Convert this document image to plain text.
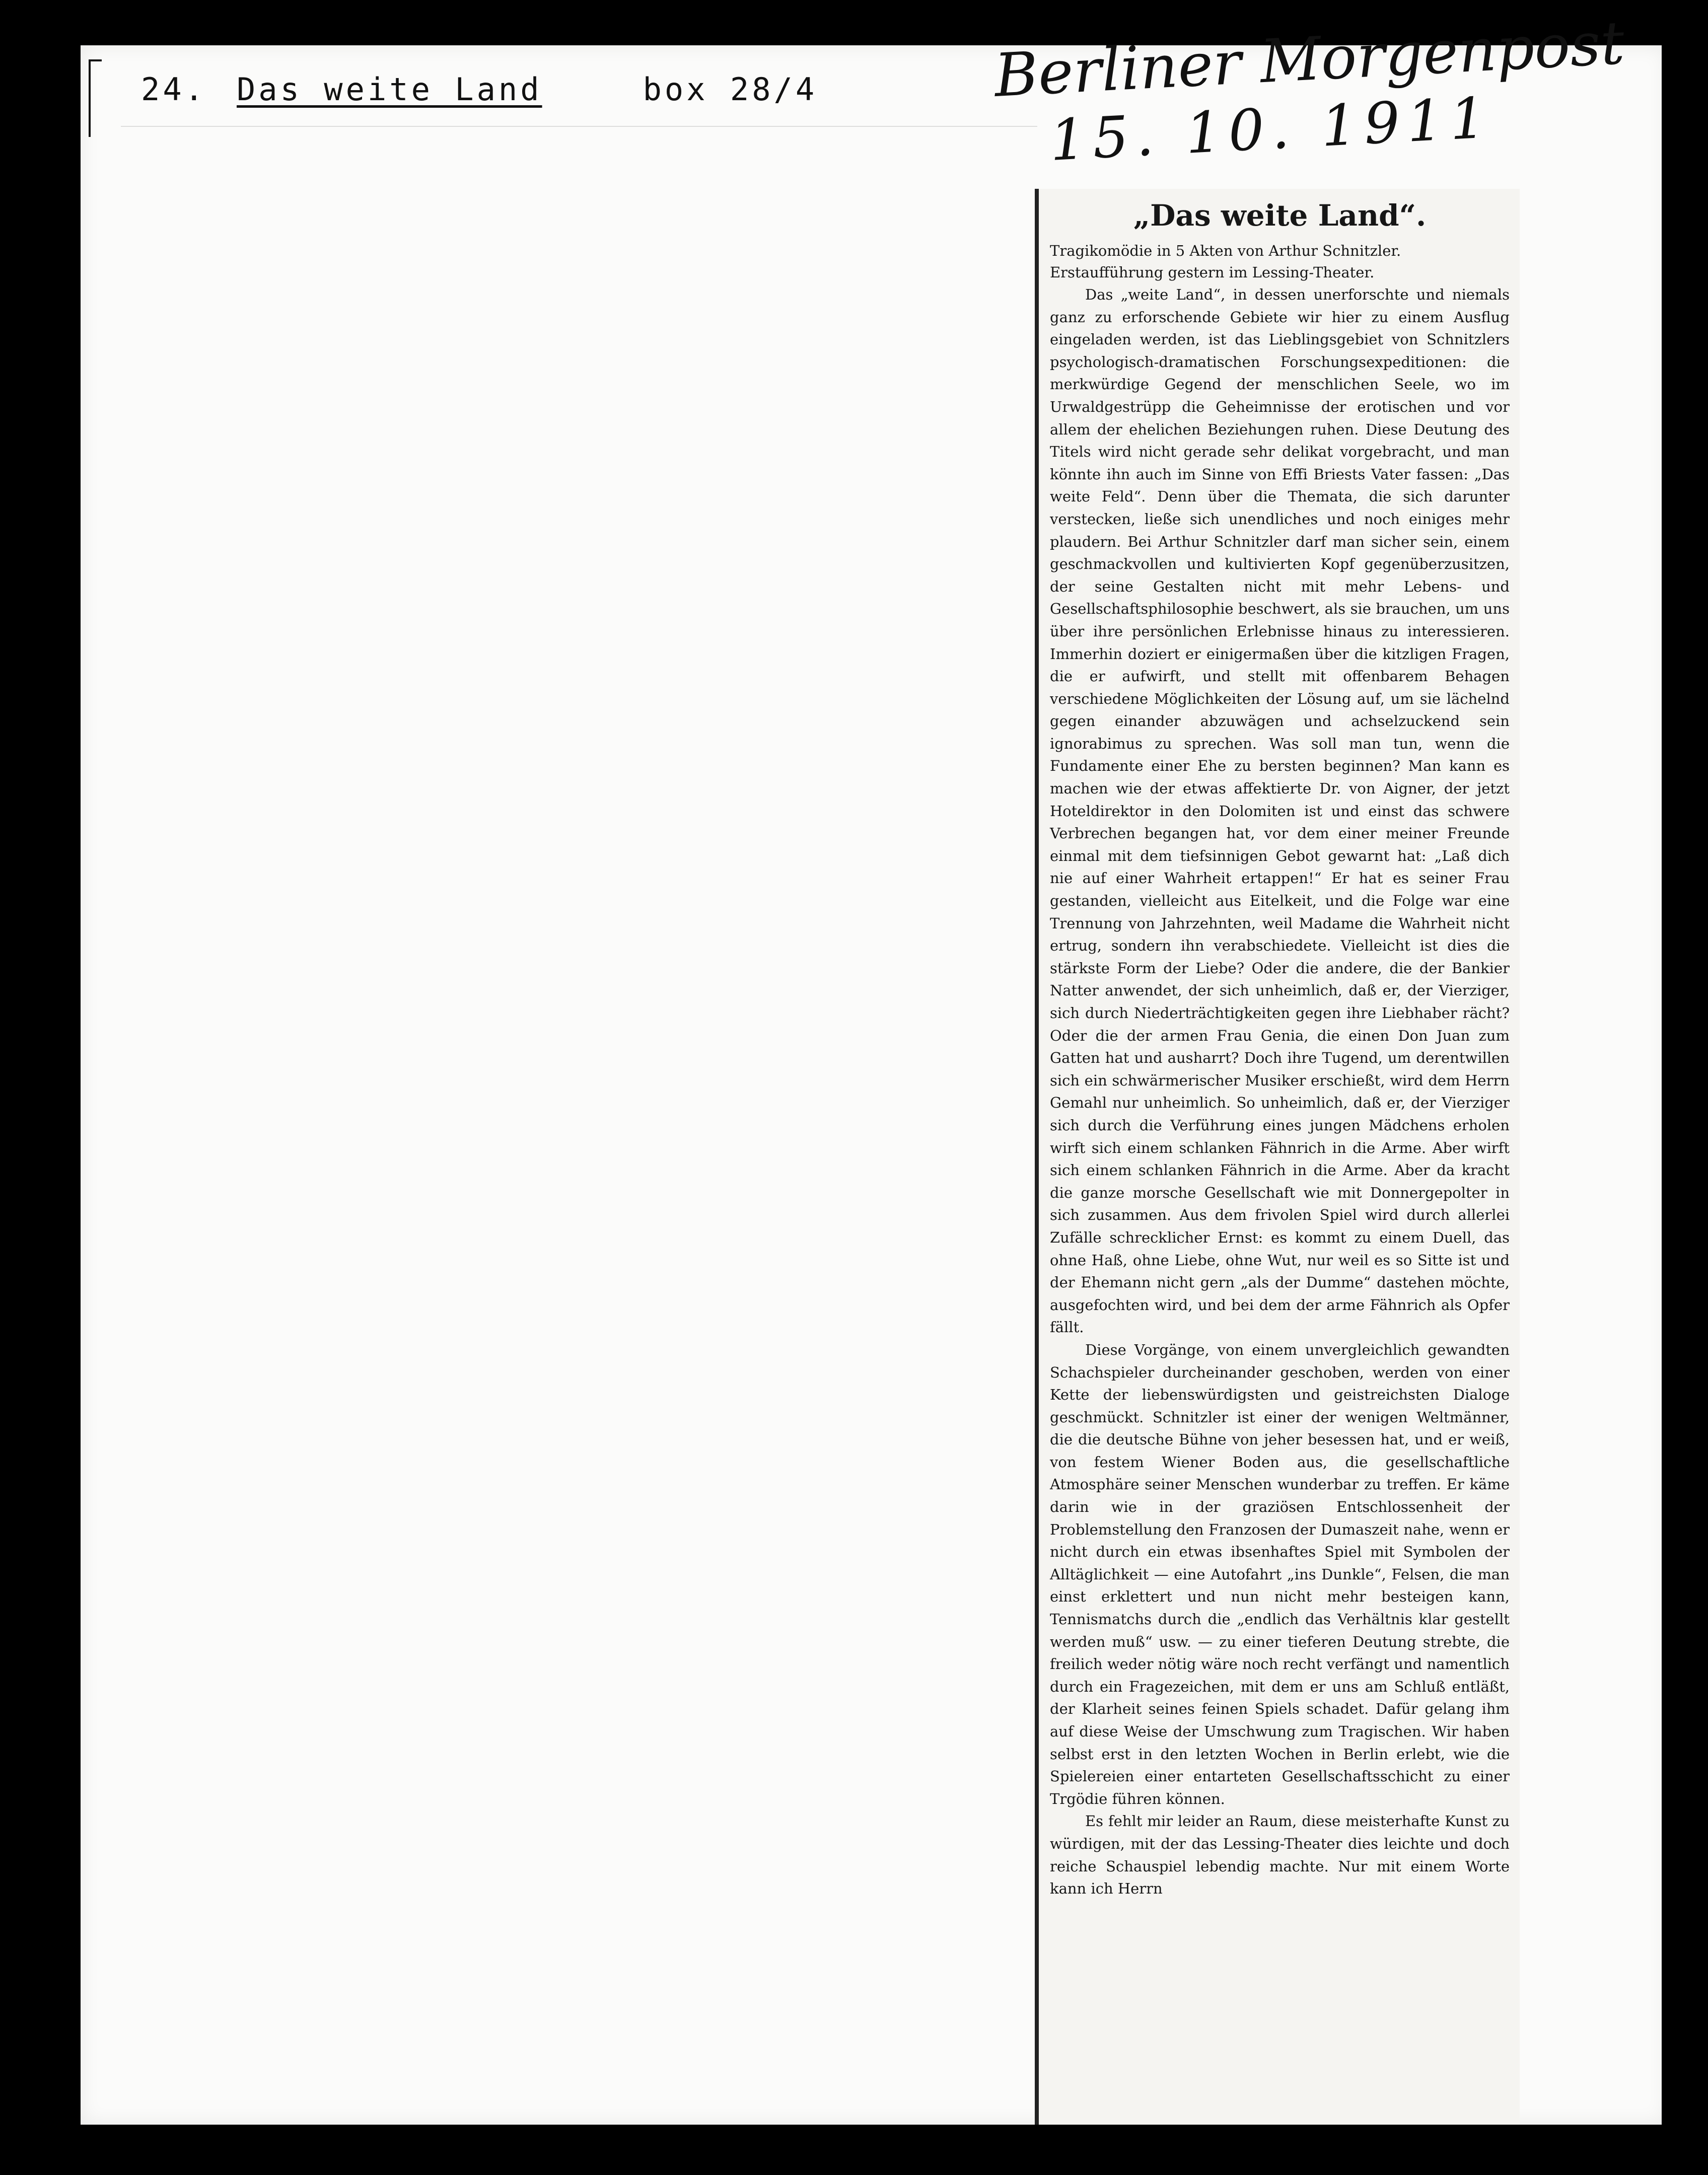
24. Das weite Land	box 28/4	Berliner Morgenpost
15. 10. 1911
„Das weite Land“.

Tragikomödie in 5 Akten von Arthur Schnitzler.
Erstaufführung gestern im Lessing-Theater.

Das „weite Land“, in dessen unerforschte und niemals ganz zu erforschende Gebiete wir hier zu einem Ausflug eingeladen werden, ist das Lieblingsgebiet von Schnitzlers psychologisch-dramatischen Forschungsexpeditionen: die merkwürdige Gegend der menschlichen Seele, wo im Urwaldgestrüpp die Geheimnisse der erotischen und vor allem der ehelichen Beziehungen ruhen. Diese Deutung des Titels wird nicht gerade sehr delikat vorgebracht, und man könnte ihn auch im Sinne von Effi Briests Vater fassen: „Das weite Feld“. Denn über die Themata, die sich darunter verstecken, ließe sich unendliches und noch einiges mehr plaudern. Bei Arthur Schnitzler darf man sicher sein, einem geschmackvollen und kultivierten Kopf gegenüberzusitzen, der seine Gestalten nicht mit mehr Lebens- und Gesellschaftsphilosophie beschwert, als sie brauchen, um uns über ihre persönlichen Erlebnisse hinaus zu interessieren. Immerhin doziert er einigermaßen über die kitzligen Fragen, die er aufwirft, und stellt mit offenbarem Behagen verschiedene Möglichkeiten der Lösung auf, um sie lächelnd gegen einander abzuwägen und achselzuckend sein ignorabimus zu sprechen. Was soll man tun, wenn die Fundamente einer Ehe zu bersten beginnen? Man kann es machen wie der etwas affektierte Dr. von Aigner, der jetzt Hoteldirektor in den Dolomiten ist und einst das schwere Verbrechen begangen hat, vor dem einer meiner Freunde einmal mit dem tiefsinnigen Gebot gewarnt hat: „Laß dich nie auf einer Wahrheit ertappen!“ Er hat es seiner Frau gestanden, vielleicht aus Eitelkeit, und die Folge war eine Trennung von Jahrzehnten, weil Madame die Wahrheit nicht ertrug, sondern ihn verabschiedete. Vielleicht ist dies die stärkste Form der Liebe? Oder die andere, die der Bankier Natter anwendet, der sich unheimlich, daß er, der Vierziger, sich durch Niederträchtigkeiten gegen ihre Liebhaber rächt? Oder die der armen Frau Genia, die einen Don Juan zum Gatten hat und ausharrt? Doch ihre Tugend, um derentwillen sich ein schwärmerischer Musiker erschießt, wird dem Herrn Gemahl nur unheimlich. So unheimlich, daß er, der Vierziger sich durch die Verführung eines jungen Mädchens erholen wirft sich einem schlanken Fähnrich in die Arme. Aber wirft sich einem schlanken Fähnrich in die Arme. Aber da kracht die ganze morsche Gesellschaft wie mit Donnergepolter in sich zusammen. Aus dem frivolen Spiel wird durch allerlei Zufälle schrecklicher Ernst: es kommt zu einem Duell, das ohne Haß, ohne Liebe, ohne Wut, nur weil es so Sitte ist und der Ehemann nicht gern „als der Dumme“ dastehen möchte, ausgefochten wird, und bei dem der arme Fähnrich als Opfer fällt.

Diese Vorgänge, von einem unvergleichlich gewandten Schachspieler durcheinander geschoben, werden von einer Kette der liebenswürdigsten und geistreichsten Dialoge geschmückt. Schnitzler ist einer der wenigen Weltmänner, die die deutsche Bühne von jeher besessen hat, und er weiß, von festem Wiener Boden aus, die gesellschaftliche Atmosphäre seiner Menschen wunderbar zu treffen. Er käme darin wie in der graziösen Entschlossenheit der Problemstellung den Franzosen der Dumaszeit nahe, wenn er nicht durch ein etwas ibsenhaftes Spiel mit Symbolen der Alltäglichkeit — eine Autofahrt „ins Dunkle“, Felsen, die man einst erklettert und nun nicht mehr besteigen kann, Tennismatchs durch die „endlich das Verhältnis klar gestellt werden muß“ usw. — zu einer tieferen Deutung strebte, die freilich weder nötig wäre noch recht verfängt und namentlich durch ein Fragezeichen, mit dem er uns am Schluß entläßt, der Klarheit seines feinen Spiels schadet. Dafür gelang ihm auf diese Weise der Umschwung zum Tragischen. Wir haben selbst erst in den letzten Wochen in Berlin erlebt, wie die Spielereien einer entarteten Gesellschaftsschicht zu einer Trgödie führen können.

Es fehlt mir leider an Raum, diese meisterhafte Kunst zu würdigen, mit der das Lessing-Theater dies leichte und doch reiche Schauspiel lebendig machte. Nur mit einem Worte kann ich Herrn
